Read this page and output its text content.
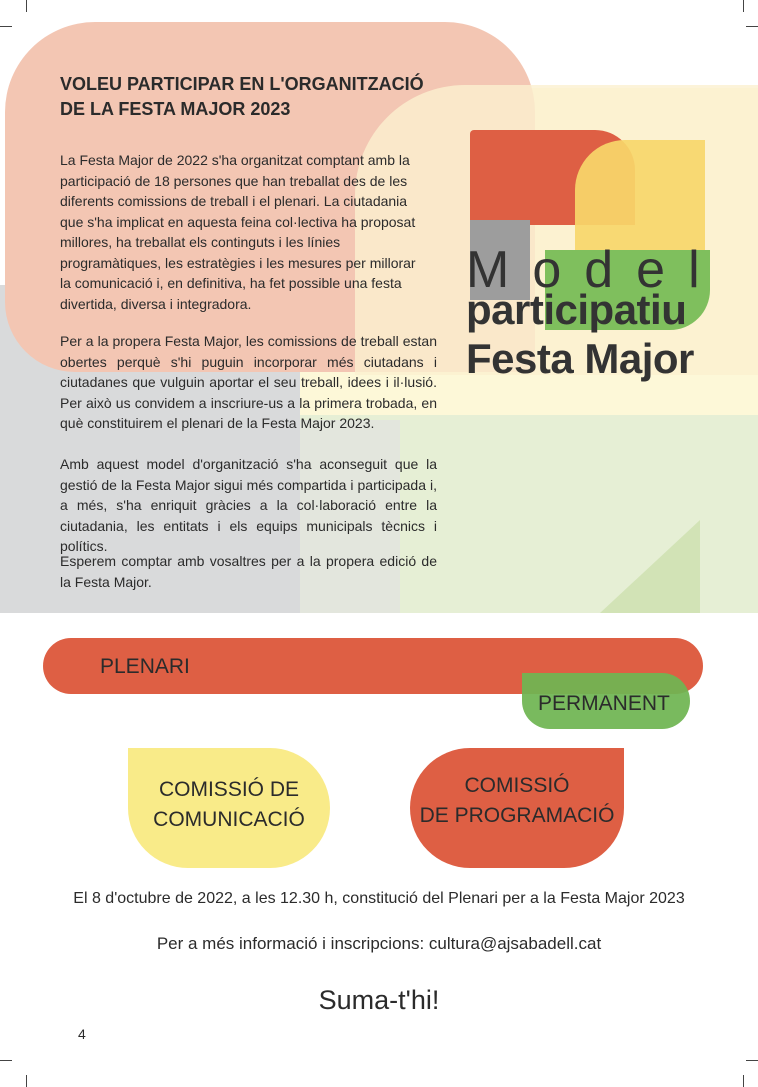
Model
participatiu
Festa Major
VOLEU PARTICIPAR EN L'ORGANITZACIÓ
DE LA FESTA MAJOR 2023

La Festa Major de 2022 s'ha organitzat comptant amb la participació de 18 persones que han treballat des de les diferents comissions de treball i el plenari. La ciutadania que s'ha implicat en aquesta feina col·lectiva ha proposat millores, ha treballat els continguts i les línies programàtiques, les estratègies i les mesures per millorar la comunicació i, en definitiva, ha fet possible una festa divertida, diversa i integradora.

Per a la propera Festa Major, les comissions de treball estan obertes perquè s'hi puguin incorporar més ciutadans i ciutadanes que vulguin aportar el seu treball, idees i il·lusió. Per això us convidem a inscriure-us a la primera trobada, en què constituirem el plenari de la Festa Major 2023.

Amb aquest model d'organització s'ha aconseguit que la gestió de la Festa Major sigui més compartida i participada i, a més, s'ha enriquit gràcies a la col·laboració entre la ciutadania, les entitats i els equips municipals tècnics i polítics.

Esperem comptar amb vosaltres per a la propera edició de la Festa Major.

PLENARI
PERMANENT
COMISSIÓ DE
COMUNICACIÓ
COMISSIÓ
DE PROGRAMACIÓ
El 8 d'octubre de 2022, a les 12.30 h, constitució del Plenari per a la Festa Major 2023
Per a més informació i inscripcions: cultura@ajsabadell.cat
Suma-t'hi!
4
